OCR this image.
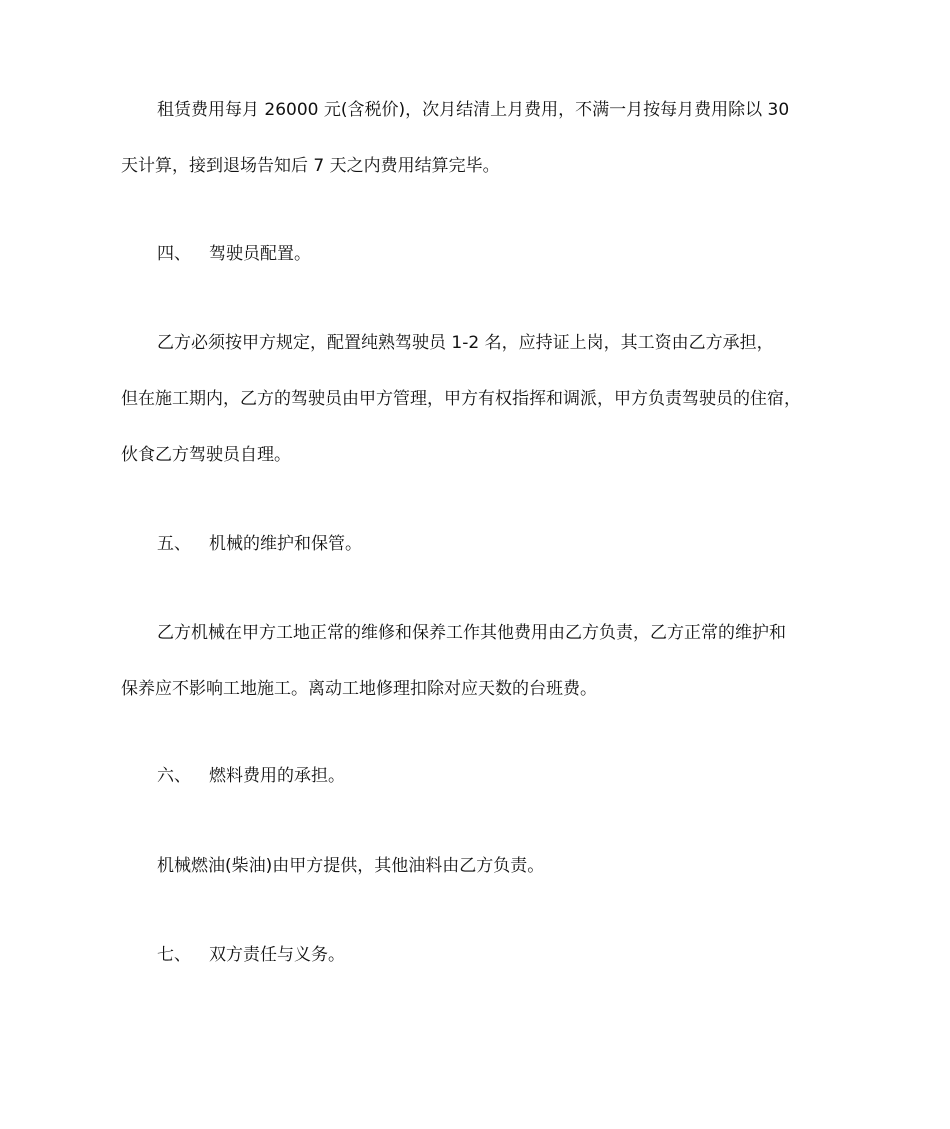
租赁费用每月 26000 元(含税价)，次月结清上月费用，不满一月按每月费用除以 30
天计算，接到退场告知后 7 天之内费用结算完毕。
四、 驾驶员配置。
乙方必须按甲方规定，配置纯熟驾驶员 1-2 名，应持证上岗，其工资由乙方承担，
但在施工期内，乙方的驾驶员由甲方管理，甲方有权指挥和调派，甲方负责驾驶员的住宿，
伙食乙方驾驶员自理。
五、 机械的维护和保管。
乙方机械在甲方工地正常的维修和保养工作其他费用由乙方负责，乙方正常的维护和
保养应不影响工地施工。离动工地修理扣除对应天数的台班费。
六、 燃料费用的承担。
机械燃油(柴油)由甲方提供，其他油料由乙方负责。
七、 双方责任与义务。
